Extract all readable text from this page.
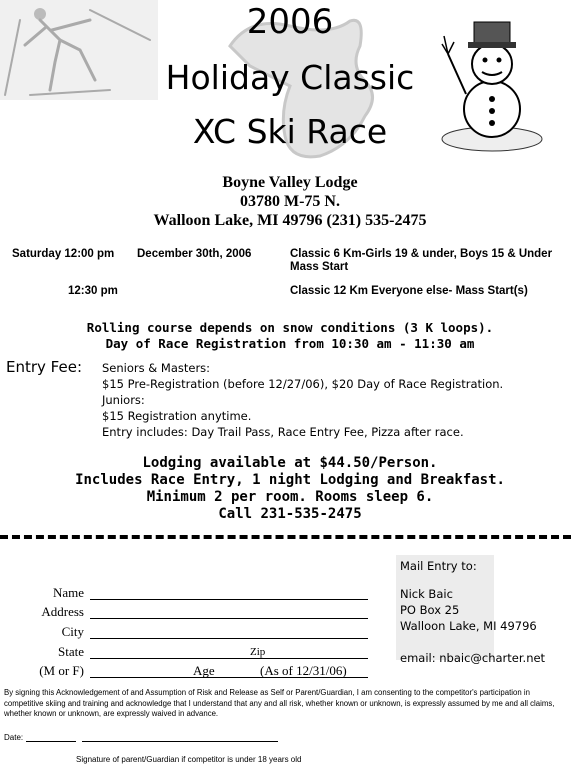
2006
Holiday Classic
XC Ski Race
Boyne Valley Lodge
03780 M-75 N.
Walloon Lake, MI 49796 (231) 535-2475
Saturday 12:00 pm December 30th, 2006	Classic 6 Km-Girls 19 & under, Boys 15 & Under
Mass Start
12:30 pm	Classic 12 Km Everyone else- Mass Start(s)
Rolling course depends on snow conditions (3 K loops).
Day of Race Registration from 10:30 am - 11:30 am
Entry Fee: Seniors & Masters:
$15 Pre-Registration (before 12/27/06), $20 Day of Race Registration.
Juniors:
$15 Registration anytime.
Entry includes: Day Trail Pass, Race Entry Fee, Pizza after race.
Lodging available at $44.50/Person.
Includes Race Entry, 1 night Lodging and Breakfast.
Minimum 2 per room. Rooms sleep 6.
Call 231-535-2475
Name
Address
City
State	Zip
(M or F)	Age	(As of 12/31/06)
Mail Entry to:
Nick Baic
PO Box 25
Walloon Lake, MI 49796
email: nbaic@charter.net
By signing this Acknowledgement of and Assumption of Risk and Release as Self or Parent/Guardian, I am consenting to the competitor's participation in competitive skiing and training and acknowledge that I understand that any and all risk, whether known or unknown, is expressly assumed by me and all claims, whether known or unknown, are expressly waived in advance.
Date:
Signature of parent/Guardian if competitor is under 18 years old
